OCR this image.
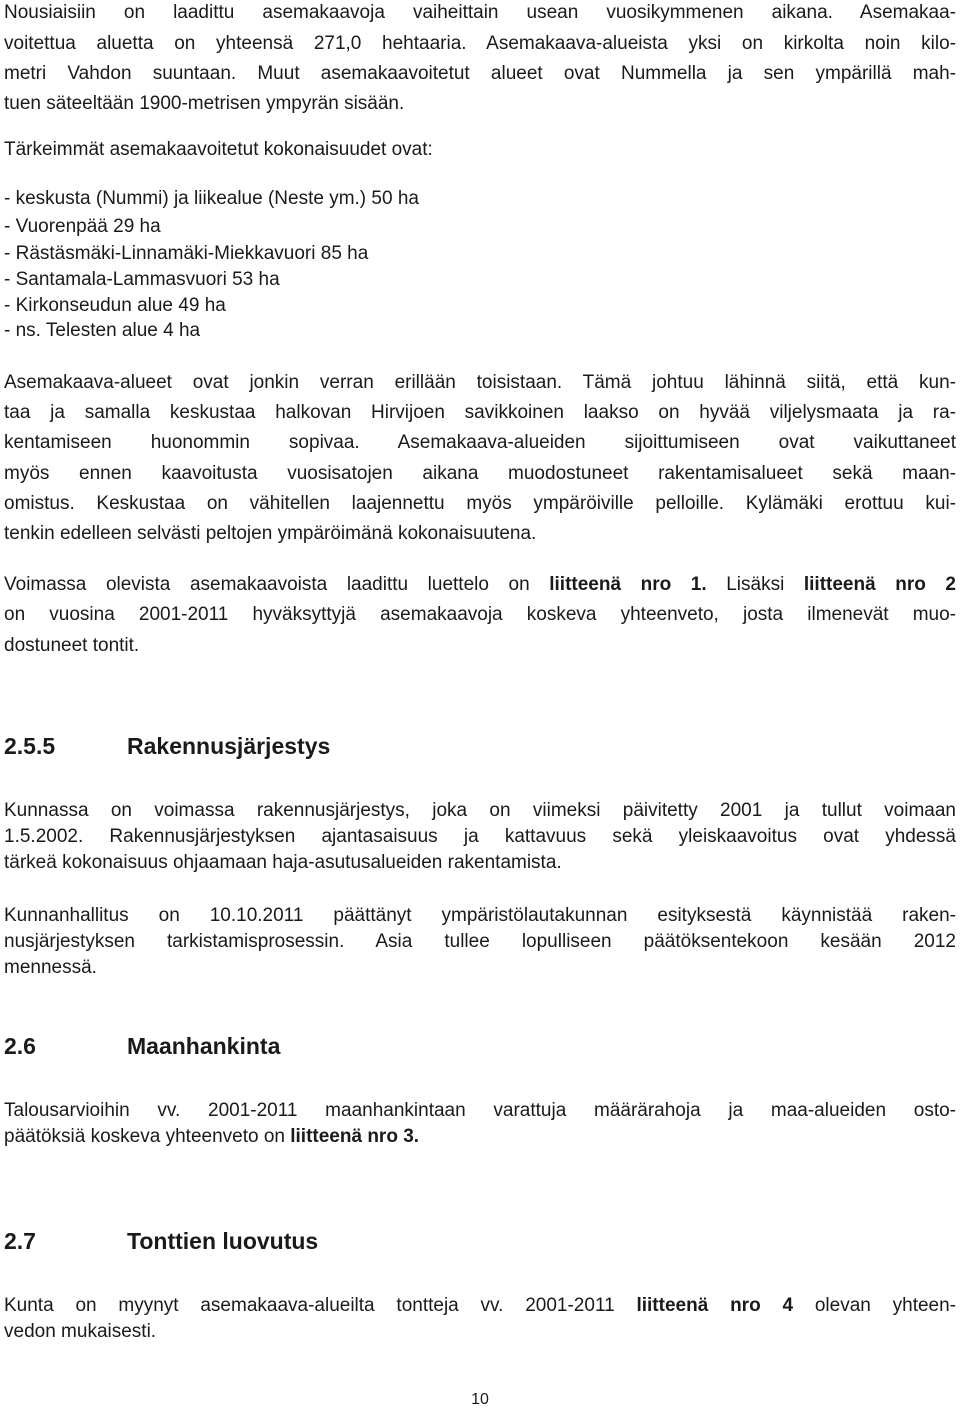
Nousiaisiin on laadittu asemakaavoja vaiheittain usean vuosikymmenen aikana. Asemakaa-
voitettua aluetta on yhteensä 271,0 hehtaaria. Asemakaava-alueista yksi on kirkolta noin kilo-
metri Vahdon suuntaan. Muut asemakaavoitetut alueet ovat Nummella ja sen ympärillä mah-
tuen säteeltään 1900-metrisen ympyrän sisään.
Tärkeimmät asemakaavoitetut kokonaisuudet ovat:
- keskusta (Nummi) ja liikealue (Neste ym.) 50 ha
- Vuorenpää 29 ha
- Rästäsmäki-Linnamäki-Miekkavuori 85 ha
- Santamala-Lammasvuori 53 ha
- Kirkonseudun alue 49 ha
- ns. Telesten alue 4 ha
Asemakaava-alueet ovat jonkin verran erillään toisistaan. Tämä johtuu lähinnä siitä, että kun-
taa ja samalla keskustaa halkovan Hirvijoen savikkoinen laakso on hyvää viljelysmaata ja ra-
kentamiseen huonommin sopivaa. Asemakaava-alueiden sijoittumiseen ovat vaikuttaneet
myös ennen kaavoitusta vuosisatojen aikana muodostuneet rakentamisalueet sekä maan-
omistus. Keskustaa on vähitellen laajennettu myös ympäröiville pelloille. Kylämäki erottuu kui-
tenkin edelleen selvästi peltojen ympäröimänä kokonaisuutena.
Voimassa olevista asemakaavoista laadittu luettelo on liitteenä nro 1. Lisäksi liitteenä nro 2
on vuosina 2001-2011 hyväksyttyjä asemakaavoja koskeva yhteenveto, josta ilmenevät muo-
dostuneet tontit.
2.5.5	Rakennusjärjestys
Kunnassa on voimassa rakennusjärjestys, joka on viimeksi päivitetty 2001 ja tullut voimaan
1.5.2002. Rakennusjärjestyksen ajantasaisuus ja kattavuus sekä yleiskaavoitus ovat yhdessä
tärkeä kokonaisuus ohjaamaan haja-asutusalueiden rakentamista.
Kunnanhallitus on 10.10.2011 päättänyt ympäristölautakunnan esityksestä käynnistää raken-
nusjärjestyksen tarkistamisprosessin. Asia tullee lopulliseen päätöksentekoon kesään 2012
mennessä.
2.6	Maanhankinta
Talousarvioihin vv. 2001-2011 maanhankintaan varattuja määrärahoja ja maa-alueiden osto-
päätöksiä koskeva yhteenveto on liitteenä nro 3.
2.7	Tonttien luovutus
Kunta on myynyt asemakaava-alueilta tontteja vv. 2001-2011 liitteenä nro 4 olevan yhteen-
vedon mukaisesti.
10
